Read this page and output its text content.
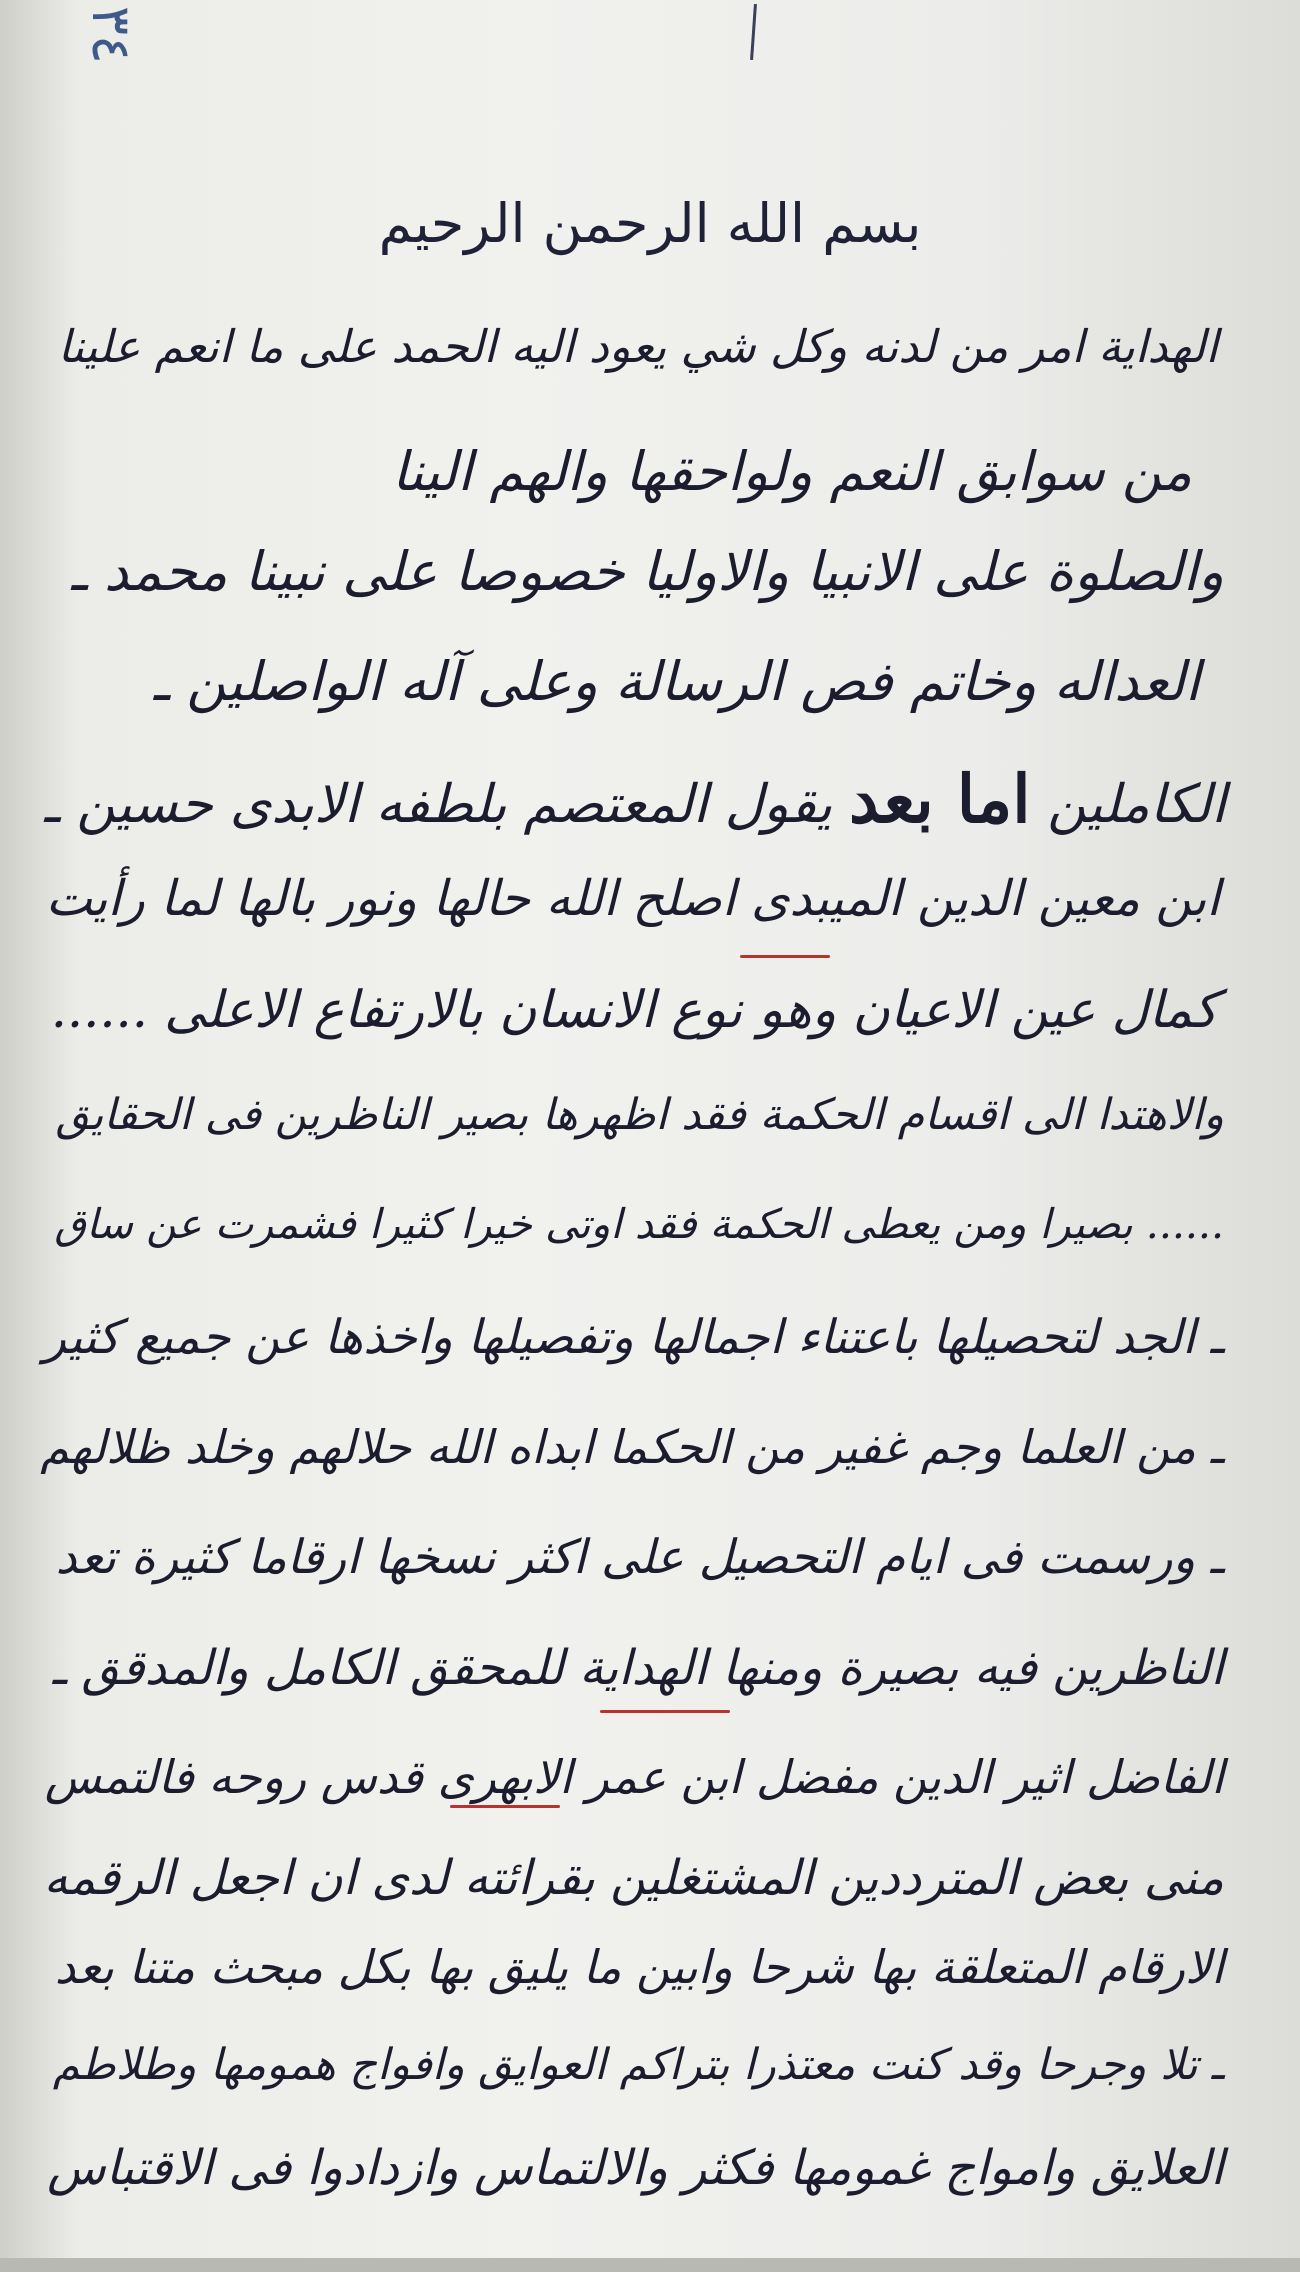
٣٤
بسم الله الرحمن الرحيم
الهداية امر من لدنه وكل شي يعود اليه الحمد على ما انعم علينا
من سوابق النعم ولواحقها والهم الينا
والصلوة على الانبيا والاوليا خصوصا على نبينا محمد ـ
العداله وخاتم فص الرسالة وعلى آله الواصلين ـ
الكاملين اما بعد يقول المعتصم بلطفه الابدى حسين ـ
ابن معين الدين الميبدى اصلح الله حالها ونور بالها لما رأيت
كمال عين الاعيان وهو نوع الانسان بالارتفاع الاعلى ......
والاهتدا الى اقسام الحكمة فقد اظهرها بصير الناظرين فى الحقايق
...... بصيرا ومن يعطى الحكمة فقد اوتى خيرا كثيرا فشمرت عن ساق
ـ الجد لتحصيلها باعتناء اجمالها وتفصيلها واخذها عن جميع كثير
ـ من العلما وجم غفير من الحكما ابداه الله حلالهم وخلد ظلالهم
ـ ورسمت فى ايام التحصيل على اكثر نسخها ارقاما كثيرة تعد
الناظرين فيه بصيرة ومنها الهداية للمحقق الكامل والمدقق ـ
الفاضل اثير الدين مفضل ابن عمر الابهرى قدس روحه فالتمس
منى بعض المترددين المشتغلين بقرائته لدى ان اجعل الرقمه
الارقام المتعلقة بها شرحا وابين ما يليق بها بكل مبحث متنا بعد
ـ تلا وجرحا وقد كنت معتذرا بتراكم العوايق وافواج همومها وطلاطم
العلايق وامواج غمومها فكثر والالتماس وازدادوا فى الاقتباس
